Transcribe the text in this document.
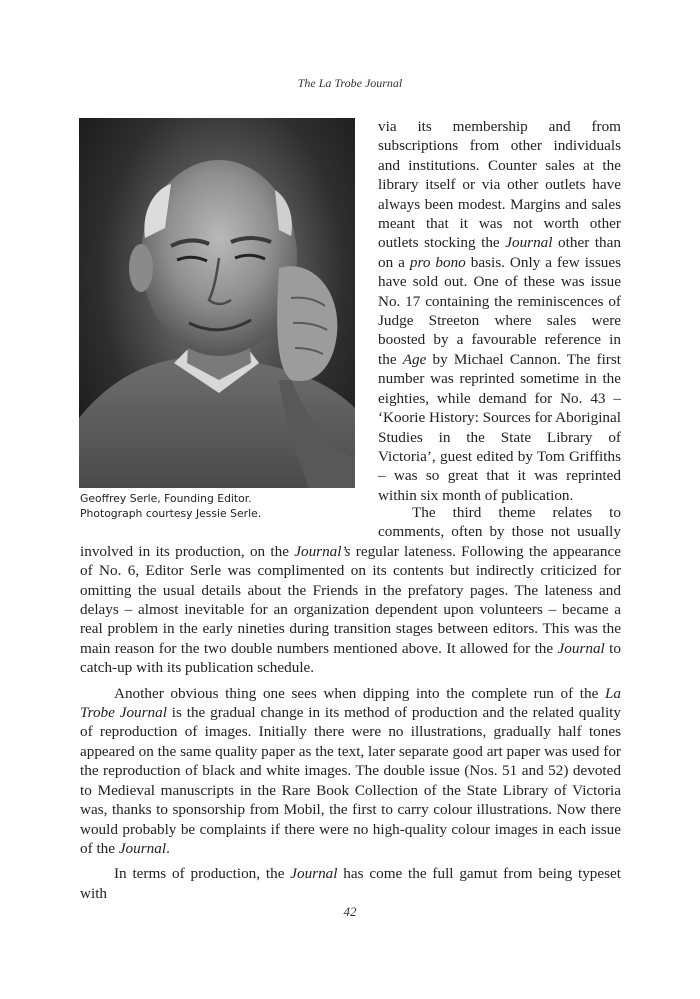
The La Trobe Journal
Geoffrey Serle, Founding Editor.
Photograph courtesy Jessie Serle.

via its membership and from subscriptions from other individuals and institutions. Counter sales at the library itself or via other outlets have always been modest. Margins and sales meant that it was not worth other outlets stocking the Journal other than on a pro bono basis. Only a few issues have sold out. One of these was issue No. 17 containing the reminiscences of Judge Streeton where sales were boosted by a favourable reference in the Age by Michael Cannon. The first number was reprinted sometime in the eighties, while demand for No. 43 – ‘Koorie History: Sources for Aboriginal Studies in the State Library of Victoria’, guest edited by Tom Griffiths – was so great that it was reprinted within six month of publication.

The third theme relates to comments, often by those not usually involved in its production, on the Journal’s regular lateness. Following the appearance of No. 6, Editor Serle was complimented on its contents but indirectly criticized for omitting the usual details about the Friends in the prefatory pages. The lateness and delays – almost inevitable for an organization dependent upon volunteers – became a real problem in the early nineties during transition stages between editors. This was the main reason for the two double numbers mentioned above. It allowed for the Journal to catch-up with its publication schedule.

Another obvious thing one sees when dipping into the complete run of the La Trobe Journal is the gradual change in its method of production and the related quality of reproduction of images. Initially there were no illustrations, gradually half tones appeared on the same quality paper as the text, later separate good art paper was used for the reproduction of black and white images. The double issue (Nos. 51 and 52) devoted to Medieval manuscripts in the Rare Book Collection of the State Library of Victoria was, thanks to sponsorship from Mobil, the first to carry colour illustrations. Now there would probably be complaints if there were no high-quality colour images in each issue of the Journal.

In terms of production, the Journal has come the full gamut from being typeset with

42
